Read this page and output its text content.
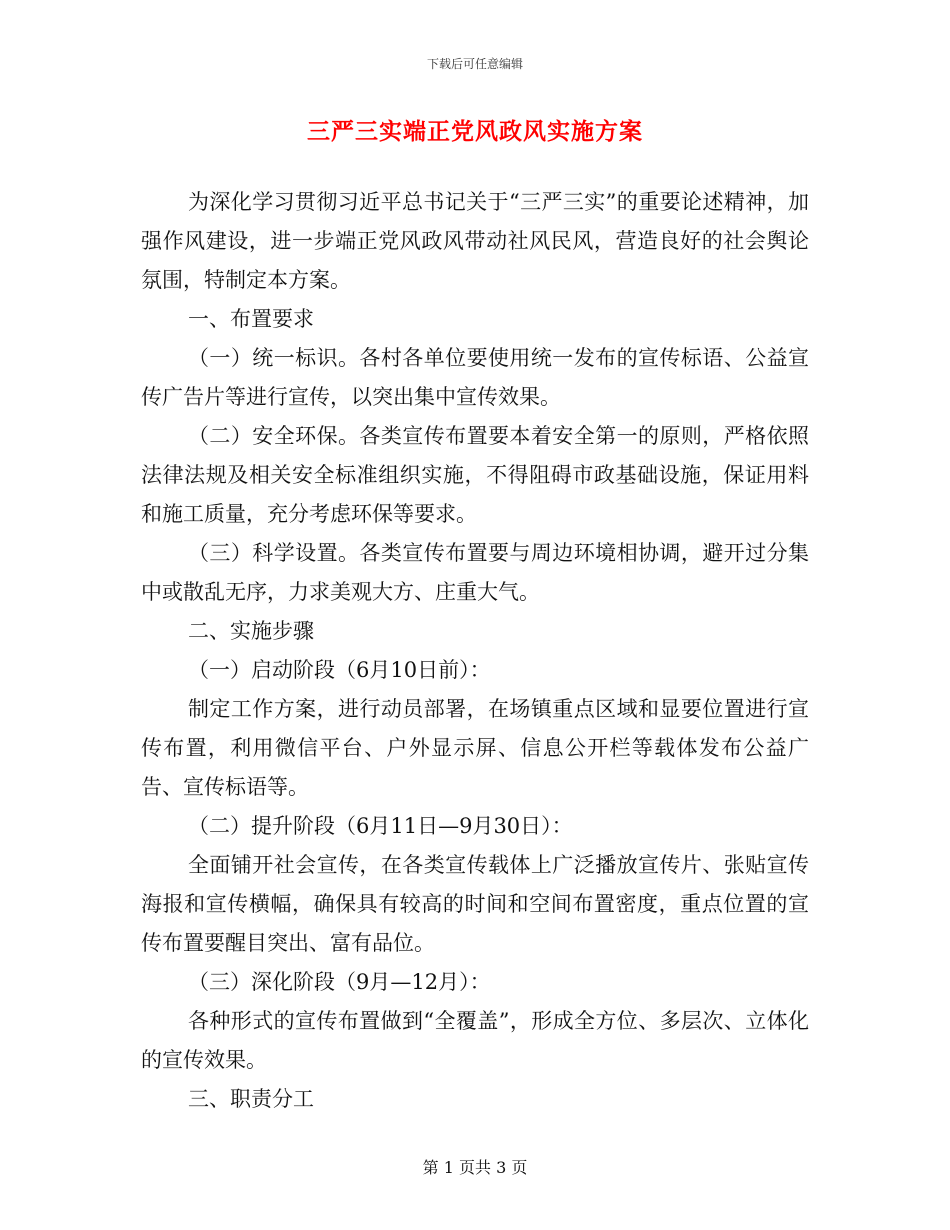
下载后可任意编辑
三严三实端正党风政风实施方案

为深化学习贯彻习近平总书记关于“三严三实”的重要论述精神，加强作风建设，进一步端正党风政风带动社风民风，营造良好的社会舆论氛围，特制定本方案。

一、布置要求

（一）统一标识。各村各单位要使用统一发布的宣传标语、公益宣传广告片等进行宣传，以突出集中宣传效果。

（二）安全环保。各类宣传布置要本着安全第一的原则，严格依照法律法规及相关安全标准组织实施，不得阻碍市政基础设施，保证用料和施工质量，充分考虑环保等要求。

（三）科学设置。各类宣传布置要与周边环境相协调，避开过分集中或散乱无序，力求美观大方、庄重大气。

二、实施步骤

（一）启动阶段（6月10日前）：

制定工作方案，进行动员部署，在场镇重点区域和显要位置进行宣传布置，利用微信平台、户外显示屏、信息公开栏等载体发布公益广告、宣传标语等。

（二）提升阶段（6月11日—9月30日）：

全面铺开社会宣传，在各类宣传载体上广泛播放宣传片、张贴宣传海报和宣传横幅，确保具有较高的时间和空间布置密度，重点位置的宣传布置要醒目突出、富有品位。

（三）深化阶段（9月—12月）：

各种形式的宣传布置做到“全覆盖”，形成全方位、多层次、立体化的宣传效果。

三、职责分工

第 1 页共 3 页
